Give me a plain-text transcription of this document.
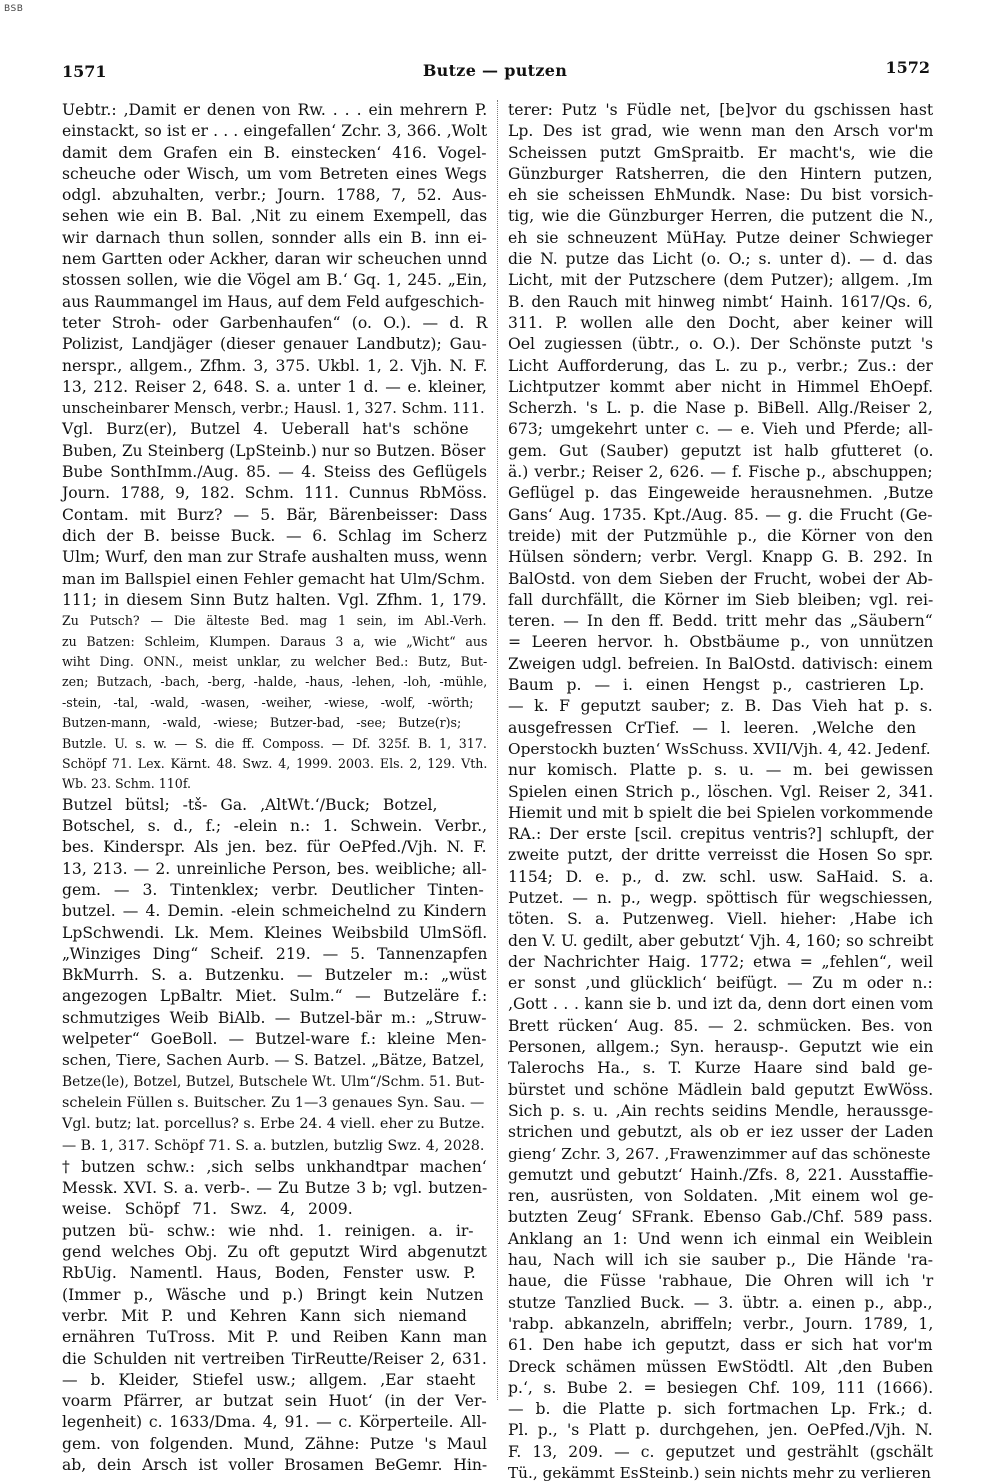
BSB
1571	Butze — putzen	1572
Uebtr.: ‚Damit er denen von Rw. . . . ein mehrern P.
einstackt, so ist er . . . eingefallen‘ Zchr. 3, 366. ‚Wolt
damit dem Grafen ein B. einstecken‘ 416. Vogel-
scheuche oder Wisch, um vom Betreten eines Wegs
odgl. abzuhalten, verbr.; Journ. 1788, 7, 52. Aus-
sehen wie ein B. Bal. ‚Nit zu einem Exempell, das
wir darnach thun sollen, sonnder alls ein B. inn ei-
nem Gartten oder Ackher, daran wir scheuchen unnd
stossen sollen, wie die Vögel am B.‘ Gq. 1, 245. „Ein,
aus Raummangel im Haus, auf dem Feld aufgeschich-
teter Stroh- oder Garbenhaufen“ (o. O.). — d. R
Polizist, Landjäger (dieser genauer Landbutz); Gau-
nerspr., allgem., Zfhm. 3, 375. Ukbl. 1, 2. Vjh. N. F.
13, 212. Reiser 2, 648. S. a. unter 1 d. — e. kleiner,
unscheinbarer Mensch, verbr.; Hausl. 1, 327. Schm. 111.
Vgl. Burz(er), Butzel 4. Ueberall hat's schöne
Buben, Zu Steinberg (LpSteinb.) nur so Butzen. Böser
Bube SonthImm./Aug. 85. — 4. Steiss des Geflügels
Journ. 1788, 9, 182. Schm. 111. Cunnus RbMöss.
Contam. mit Burz? — 5. Bär, Bärenbeisser: Dass
dich der B. beisse Buck. — 6. Schlag im Scherz
Ulm; Wurf, den man zur Strafe aushalten muss, wenn
man im Ballspiel einen Fehler gemacht hat Ulm/Schm.
111; in diesem Sinn Butz halten. Vgl. Zfhm. 1, 179.
Zu Putsch? — Die älteste Bed. mag 1 sein, im Abl.-Verh.
zu Batzen: Schleim, Klumpen. Daraus 3 a, wie „Wicht“ aus
wiht Ding. ONN., meist unklar, zu welcher Bed.: Butz, But-
zen; Butzach, -bach, -berg, -halde, -haus, -lehen, -loh, -mühle,
-stein, -tal, -wald, -wasen, -weiher, -wiese, -wolf, -wörth;
Butzen-mann, -wald, -wiese; Butzer-bad, -see; Butze(r)s;
Butzle. U. s. w. — S. die ff. Composs. — Df. 325f. B. 1, 317.
Schöpf 71. Lex. Kärnt. 48. Swz. 4, 1999. 2003. Els. 2, 129. Vth.
Wb. 23. Schm. 110f.
Butzel bütsl; -tš- Ga. ‚AltWt.‘/Buck; Botzel,
Botschel, s. d., f.; -elein n.: 1. Schwein. Verbr.,
bes. Kinderspr. Als jen. bez. für OePfed./Vjh. N. F.
13, 213. — 2. unreinliche Person, bes. weibliche; all-
gem. — 3. Tintenklex; verbr. Deutlicher Tinten-
butzel. — 4. Demin. -elein schmeichelnd zu Kindern
LpSchwendi. Lk. Mem. Kleines Weibsbild UlmSöfl.
„Winziges Ding“ Scheif. 219. — 5. Tannenzapfen
BkMurrh. S. a. Butzenku. — Butzeler m.: „wüst
angezogen LpBaltr. Miet. Sulm.“ — Butzeläre f.:
schmutziges Weib BiAlb. — Butzel-bär m.: „Struw-
welpeter“ GoeBoll. — Butzel-ware f.: kleine Men-
schen, Tiere, Sachen Aurb. — S. Batzel. „Bätze, Batzel,
Betze(le), Botzel, Butzel, Butschele Wt. Ulm“/Schm. 51. But-
schelein Füllen s. Buitscher. Zu 1—3 genaues Syn. Sau. —
Vgl. butz; lat. porcellus? s. Erbe 24. 4 viell. eher zu Butze.
— B. 1, 317. Schöpf 71. S. a. butzlen, butzlig Swz. 4, 2028.
† butzen schw.: ‚sich selbs unkhandtpar machen‘
Messk. XVI. S. a. verb-. — Zu Butze 3 b; vgl. butzen-
weise. Schöpf 71. Swz. 4, 2009.
putzen bü- schw.: wie nhd. 1. reinigen. a. ir-
gend welches Obj. Zu oft geputzt Wird abgenutzt
RbUig. Namentl. Haus, Boden, Fenster usw. P.
(Immer p., Wäsche und p.) Bringt kein Nutzen
verbr. Mit P. und Kehren Kann sich niemand
ernähren TuTross. Mit P. und Reiben Kann man
die Schulden nit vertreiben TirReutte/Reiser 2, 631.
— b. Kleider, Stiefel usw.; allgem. ‚Ear staeht
voarm Pfärrer, ar butzat sein Huot‘ (in der Ver-
legenheit) c. 1633/Dma. 4, 91. — c. Körperteile. All-
gem. von folgenden. Mund, Zähne: Putze 's Maul
ab, dein Arsch ist voller Brosamen BeGemr. Hin-
terer: Putz 's Füdle net, [be]vor du gschissen hast
Lp. Des ist grad, wie wenn man den Arsch vor'm
Scheissen putzt GmSpraitb. Er macht's, wie die
Günzburger Ratsherren, die den Hintern putzen,
eh sie scheissen EhMundk. Nase: Du bist vorsich-
tig, wie die Günzburger Herren, die putzent die N.,
eh sie schneuzent MüHay. Putze deiner Schwieger
die N. putze das Licht (o. O.; s. unter d). — d. das
Licht, mit der Putzschere (dem Putzer); allgem. ‚Im
B. den Rauch mit hinweg nimbt‘ Hainh. 1617/Qs. 6,
311. P. wollen alle den Docht, aber keiner will
Oel zugiessen (übtr., o. O.). Der Schönste putzt 's
Licht Aufforderung, das L. zu p., verbr.; Zus.: der
Lichtputzer kommt aber nicht in Himmel EhOepf.
Scherzh. 's L. p. die Nase p. BiBell. Allg./Reiser 2,
673; umgekehrt unter c. — e. Vieh und Pferde; all-
gem. Gut (Sauber) geputzt ist halb gfutteret (o.
ä.) verbr.; Reiser 2, 626. — f. Fische p., abschuppen;
Geflügel p. das Eingeweide herausnehmen. ‚Butze
Gans‘ Aug. 1735. Kpt./Aug. 85. — g. die Frucht (Ge-
treide) mit der Putzmühle p., die Körner von den
Hülsen söndern; verbr. Vergl. Knapp G. B. 292. In
BalOstd. von dem Sieben der Frucht, wobei der Ab-
fall durchfällt, die Körner im Sieb bleiben; vgl. rei-
teren. — In den ff. Bedd. tritt mehr das „Säubern“
= Leeren hervor. h. Obstbäume p., von unnützen
Zweigen udgl. befreien. In BalOstd. dativisch: einem
Baum p. — i. einen Hengst p., castrieren Lp.
— k. F geputzt sauber; z. B. Das Vieh hat p. s.
ausgefressen CrTief. — l. leeren. ‚Welche den
Operstockh buzten‘ WsSchuss. XVII/Vjh. 4, 42. Jedenf.
nur komisch. Platte p. s. u. — m. bei gewissen
Spielen einen Strich p., löschen. Vgl. Reiser 2, 341.
Hiemit und mit b spielt die bei Spielen vorkommende
RA.: Der erste [scil. crepitus ventris?] schlupft, der
zweite putzt, der dritte verreisst die Hosen So spr.
1154; D. e. p., d. zw. schl. usw. SaHaid. S. a.
Putzet. — n. p., wegp. spöttisch für wegschiessen,
töten. S. a. Putzenweg. Viell. hieher: ‚Habe ich
den V. U. gedilt, aber gebutzt‘ Vjh. 4, 160; so schreibt
der Nachrichter Haig. 1772; etwa = „fehlen“, weil
er sonst ‚und glücklich‘ beifügt. — Zu m oder n.:
‚Gott . . . kann sie b. und izt da, denn dort einen vom
Brett rücken‘ Aug. 85. — 2. schmücken. Bes. von
Personen, allgem.; Syn. herausp-. Geputzt wie ein
Talerochs Ha., s. T. Kurze Haare sind bald ge-
bürstet und schöne Mädlein bald geputzt EwWöss.
Sich p. s. u. ‚Ain rechts seidins Mendle, heraussge-
strichen und gebutzt, als ob er iez usser der Laden
gieng‘ Zchr. 3, 267. ‚Frawenzimmer auf das schöneste
gemutzt und gebutzt‘ Hainh./Zfs. 8, 221. Ausstaffie-
ren, ausrüsten, von Soldaten. ‚Mit einem wol ge-
butzten Zeug‘ SFrank. Ebenso Gab./Chf. 589 pass.
Anklang an 1: Und wenn ich einmal ein Weiblein
hau, Nach will ich sie sauber p., Die Hände 'ra-
haue, die Füsse 'rabhaue, Die Ohren will ich 'r
stutze Tanzlied Buck. — 3. übtr. a. einen p., abp.,
'rabp. abkanzeln, abriffeln; verbr., Journ. 1789, 1,
61. Den habe ich geputzt, dass er sich hat vor'm
Dreck schämen müssen EwStödtl. Alt ‚den Buben
p.‘, s. Bube 2. = besiegen Chf. 109, 111 (1666).
— b. die Platte p. sich fortmachen Lp. Frk.; d.
Pl. p., 's Platt p. durchgehen, jen. OePfed./Vjh. N.
F. 13, 209. — c. geputzet und gestrählt (gschält
Tü., gekämmt EsSteinb.) sein nichts mehr zu verlieren
